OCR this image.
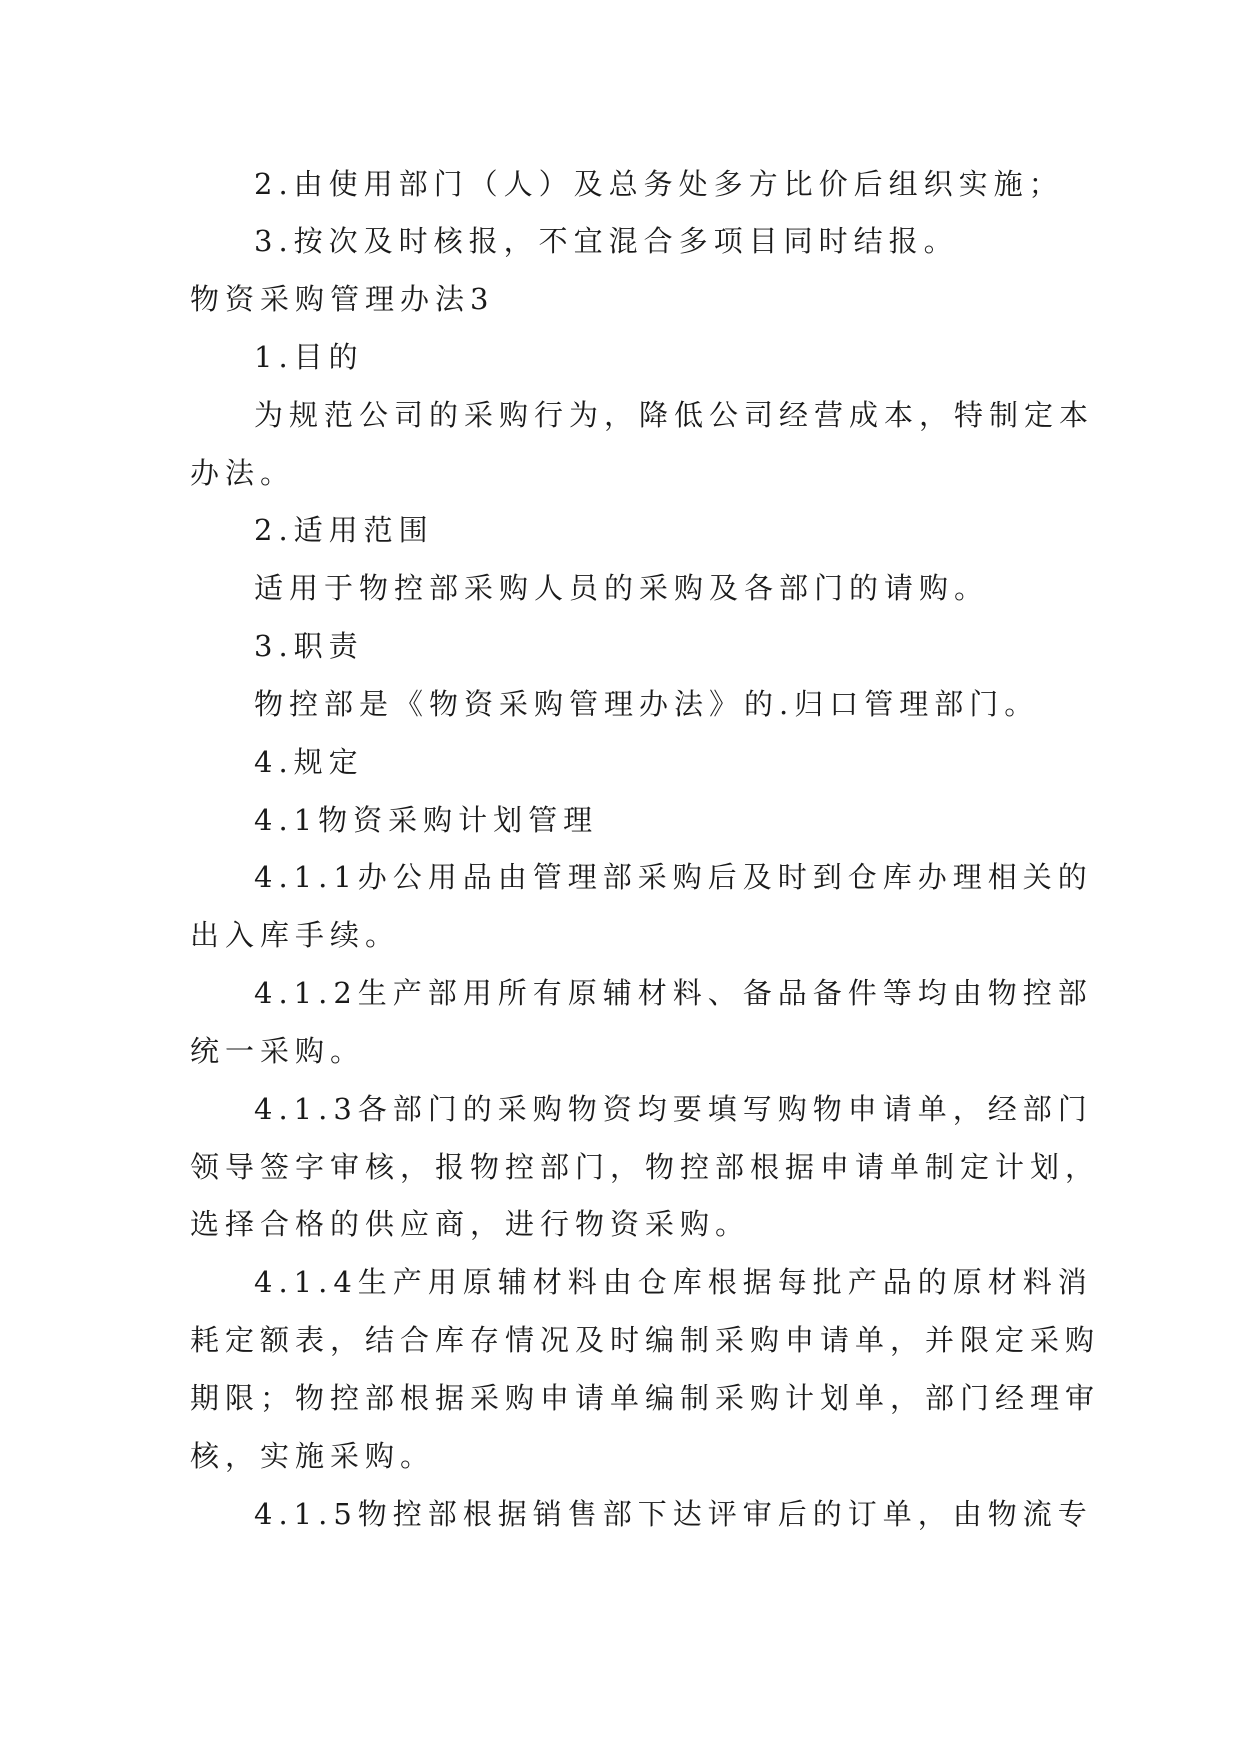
2.由使用部门（人）及总务处多方比价后组织实施；

3.按次及时核报，不宜混合多项目同时结报。

物资采购管理办法3

1.目的

为规范公司的采购行为，降低公司经营成本，特制定本

办法。

2.适用范围

适用于物控部采购人员的采购及各部门的请购。

3.职责

物控部是《物资采购管理办法》的.归口管理部门。

4.规定

4.1物资采购计划管理

4.1.1办公用品由管理部采购后及时到仓库办理相关的

出入库手续。

4.1.2生产部用所有原辅材料、备品备件等均由物控部

统一采购。

4.1.3各部门的采购物资均要填写购物申请单，经部门

领导签字审核，报物控部门，物控部根据申请单制定计划，

选择合格的供应商，进行物资采购。

4.1.4生产用原辅材料由仓库根据每批产品的原材料消

耗定额表，结合库存情况及时编制采购申请单，并限定采购

期限；物控部根据采购申请单编制采购计划单，部门经理审

核，实施采购。

4.1.5物控部根据销售部下达评审后的订单，由物流专
